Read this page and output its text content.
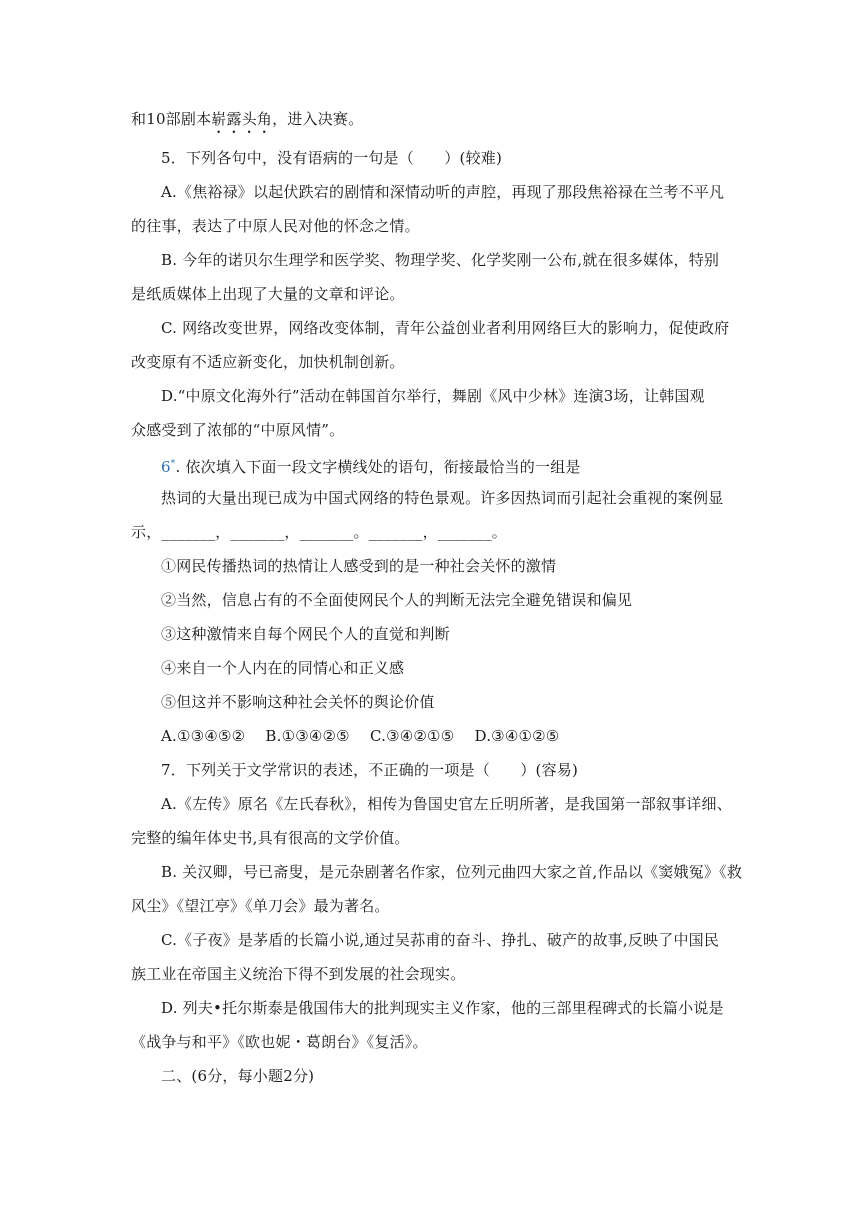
和10部剧本崭露头角，进入决赛。
5．下列各句中，没有语病的一句是（　　）(较难)
A.《焦裕禄》以起伏跌宕的剧情和深情动听的声腔，再现了那段焦裕禄在兰考不平凡
的往事，表达了中原人民对他的怀念之情。
B. 今年的诺贝尔生理学和医学奖、物理学奖、化学奖刚一公布,就在很多媒体，特别
是纸质媒体上出现了大量的文章和评论。
C. 网络改变世界，网络改变体制，青年公益创业者利用网络巨大的影响力，促使政府
改变原有不适应新变化，加快机制创新。
D.“中原文化海外行”活动在韩国首尔举行，舞剧《风中少林》连演3场，让韩国观
众感受到了浓郁的“中原风情”。
6*. 依次填入下面一段文字横线处的语句，衔接最恰当的一组是
热词的大量出现已成为中国式网络的特色景观。许多因热词而引起社会重视的案例显
示，_______，_______，_______。_______，_______。
①网民传播热词的热情让人感受到的是一种社会关怀的激情
②当然，信息占有的不全面使网民个人的判断无法完全避免错误和偏见
③这种激情来自每个网民个人的直觉和判断
④来自一个人内在的同情心和正义感
⑤但这并不影响这种社会关怀的舆论价值
A.①③④⑤②　 B.①③④②⑤　 C.③④②①⑤　 D.③④①②⑤
7．下列关于文学常识的表述，不正确的一项是（　　）(容易)
A.《左传》原名《左氏春秋》，相传为鲁国史官左丘明所著，是我国第一部叙事详细、
完整的编年体史书,具有很高的文学价值。
B. 关汉卿，号已斋叟，是元杂剧著名作家，位列元曲四大家之首,作品以《窦娥冤》《救
风尘》《望江亭》《单刀会》最为著名。
C.《子夜》是茅盾的长篇小说,通过吴荪甫的奋斗、挣扎、破产的故事,反映了中国民
族工业在帝国主义统治下得不到发展的社会现实。
D. 列夫•托尔斯泰是俄国伟大的批判现实主义作家，他的三部里程碑式的长篇小说是
《战争与和平》《欧也妮・葛朗台》《复活》。
二、(6分，每小题2分)
